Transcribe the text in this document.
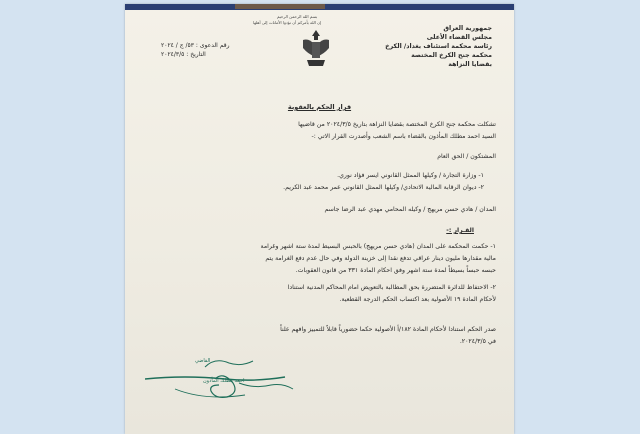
جمهورية العراق
مجلس القضاء الأعلى
رئاسة محكمة استئناف بغداد/ الكرخ
محكمة جنح الكرخ المختصة
بقضايا النزاهة
بسم الله الرحمن الرحيم
إن الله يأمركم أن تؤدوا الأمانات إلى أهلها
رقم الدعوى : ٥٣/ ج / ٢٠٢٤
التاريخ : ٢٠٢٤/٣/٥
قرار الحكم بالعقوبة
تشكلت محكمة جنح الكرخ المختصة بقضايا النزاهة بتاريخ ٢٠٢٤/٣/٥ من قاضيها
السيد احمد مطلك المأذون بالقضاء باسم الشعب وأصدرت القرار الاتي :-
المشتكون / الحق العام
١- وزارة التجارة / وكيلها الممثل القانوني ايسر فؤاد نوري.
٢- ديوان الرقابة المالية الاتحادي/ وكيلها الممثل القانوني عمر محمد عبد الكريم.
المدان / هادي حسن مريهج / وكيله المحامي مهدي عبد الرضا جاسم
القـرار :-
١- حكمت المحكمة على المدان (هادي حسن مريهج) بالحبس البسيط لمدة ستة اشهر وغرامة
مالية مقدارها مليون دينار عراقي تدفع نقدا إلى خزينة الدولة وفي حال عدم دفع الغرامة يتم
حبسه حبساً بسيطاً لمدة ستة اشهر وفق احكام المادة ٣٣١ من قانون العقوبات.
٢- الاحتفاظ للدائرة المتضررة بحق المطالبة بالتعويض امام المحاكم المدنية استنادا
لأحكام المادة ١٩ الأصولية بعد اكتساب الحكم الدرجة القطعية.
صدر الحكم استنادا لأحكام المادة ١٨٢/أ الأصولية حكما حضورياً قابلاً للتمييز وافهم علناً
في ٢٠٢٤/٣/٥.
القاضي
احمد مطلك المأذون
